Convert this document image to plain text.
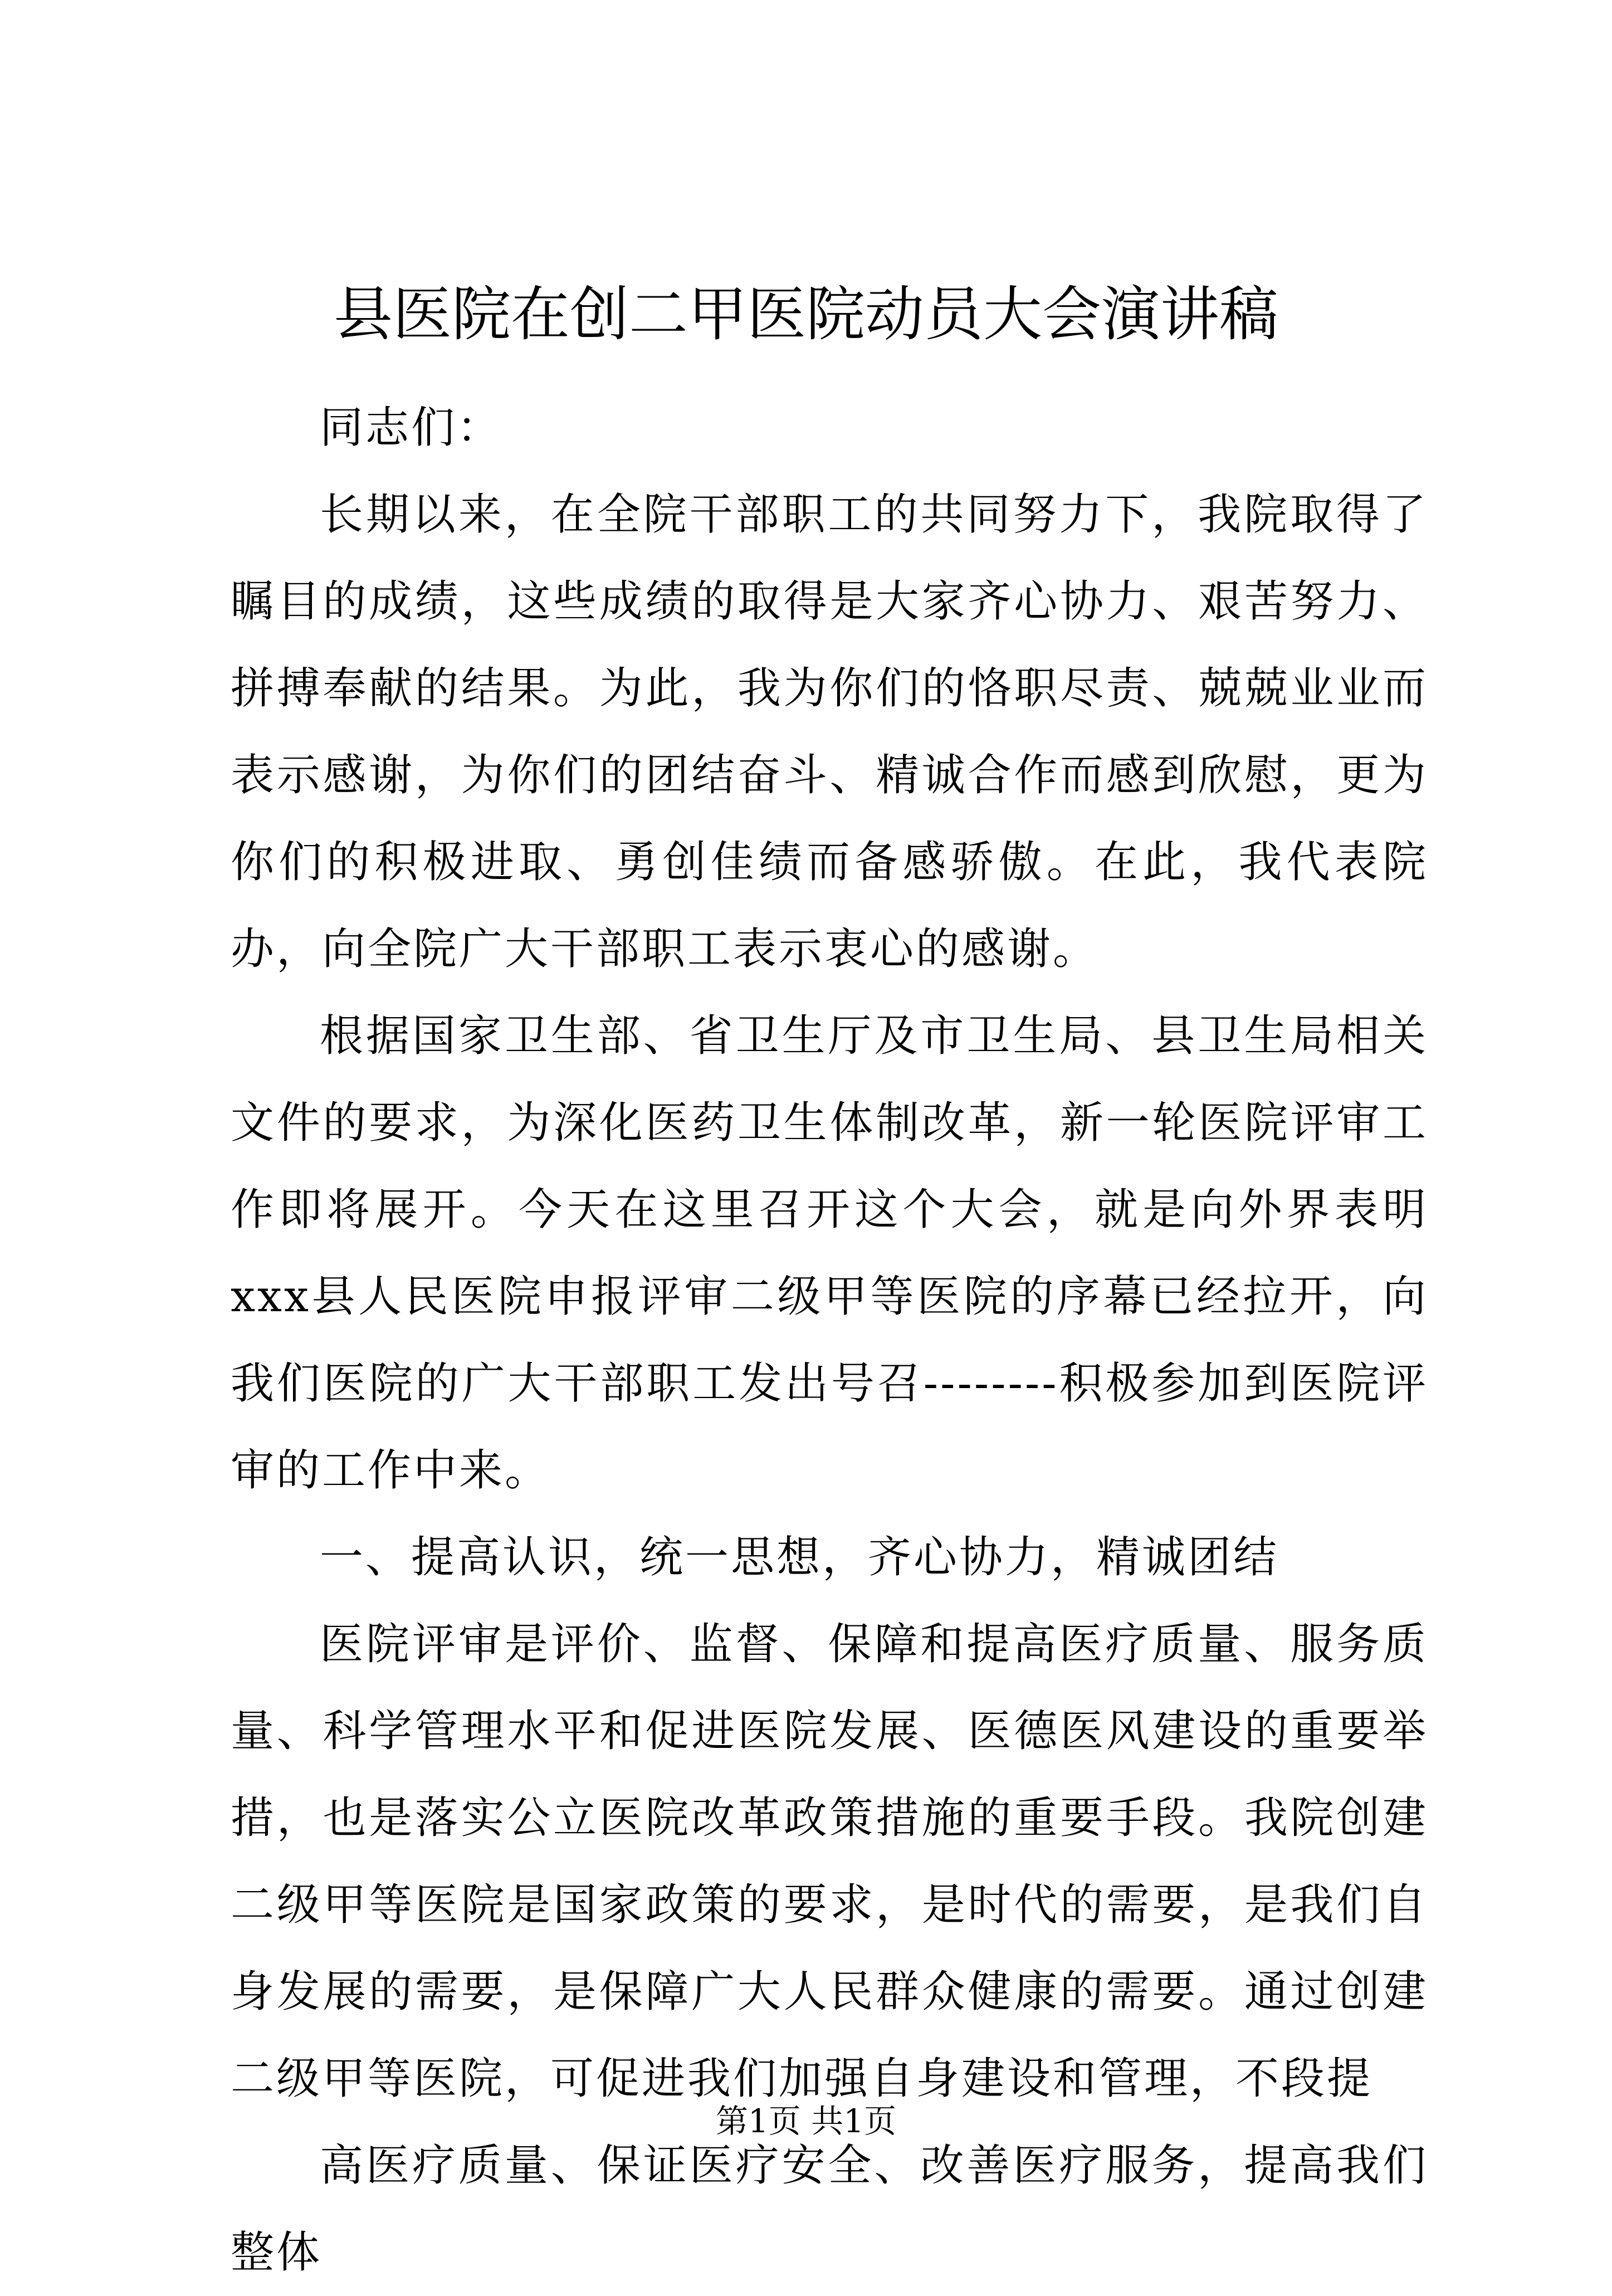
县医院在创二甲医院动员大会演讲稿

同志们：

长期以来，在全院干部职工的共同努力下，我院取得了瞩目的成绩，这些成绩的取得是大家齐心协力、艰苦努力、拼搏奉献的结果。为此，我为你们的恪职尽责、兢兢业业而表示感谢，为你们的团结奋斗、精诚合作而感到欣慰，更为你们的积极进取、勇创佳绩而备感骄傲。在此，我代表院办，向全院广大干部职工表示衷心的感谢。

根据国家卫生部、省卫生厅及市卫生局、县卫生局相关文件的要求，为深化医药卫生体制改革，新一轮医院评审工作即将展开。今天在这里召开这个大会，就是向外界表明xxx县人民医院申报评审二级甲等医院的序幕已经拉开，向我们医院的广大干部职工发出号召--------积极参加到医院评审的工作中来。

一、提高认识，统一思想，齐心协力，精诚团结

医院评审是评价、监督、保障和提高医疗质量、服务质量、科学管理水平和促进医院发展、医德医风建设的重要举措，也是落实公立医院改革政策措施的重要手段。我院创建二级甲等医院是国家政策的要求，是时代的需要，是我们自身发展的需要，是保障广大人民群众健康的需要。通过创建二级甲等医院，可促进我们加强自身建设和管理，不段提

高医疗质量、保证医疗安全、改善医疗服务，提高我们整体

第1页 共1页
